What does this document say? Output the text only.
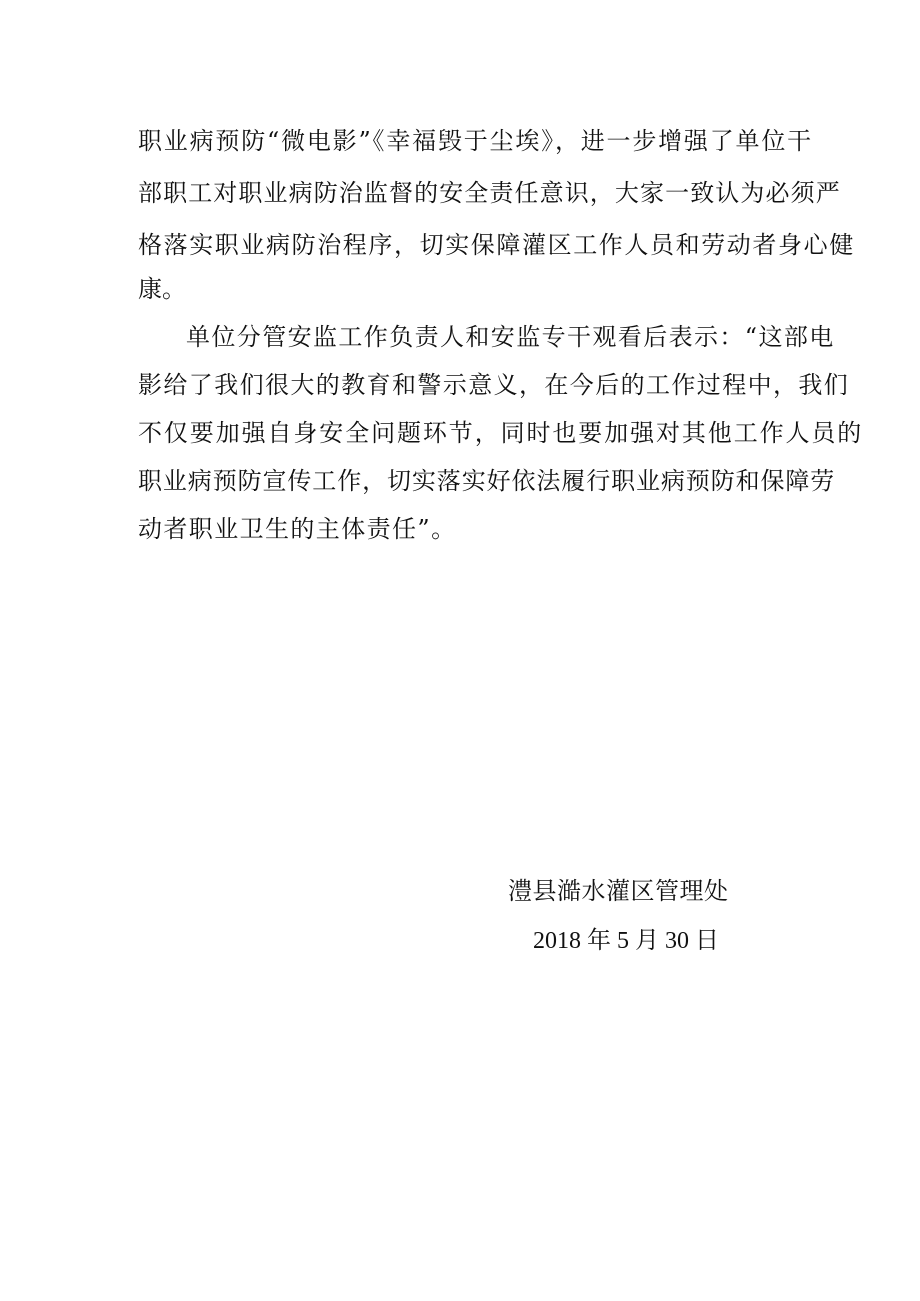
职业病预防“微电影”《幸福毁于尘埃》，进一步增强了单位干
部职工对职业病防治监督的安全责任意识，大家一致认为必须严
格落实职业病防治程序，切实保障灌区工作人员和劳动者身心健
康。
单位分管安监工作负责人和安监专干观看后表示：“这部电
影给了我们很大的教育和警示意义，在今后的工作过程中，我们
不仅要加强自身安全问题环节，同时也要加强对其他工作人员的
职业病预防宣传工作，切实落实好依法履行职业病预防和保障劳
动者职业卫生的主体责任”。
澧县澔水灌区管理处
2018 年 5 月 30 日
